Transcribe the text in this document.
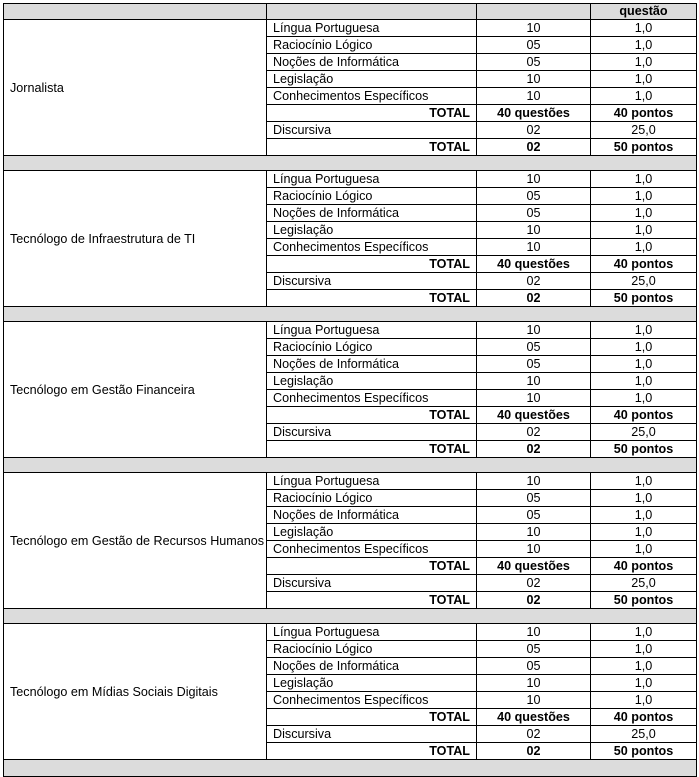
			questão
Jornalista	Língua Portuguesa	10	1,0
	Raciocínio Lógico	05	1,0
	Noções de Informática	05	1,0
	Legislação	10	1,0
	Conhecimentos Específicos	10	1,0
	TOTAL	40 questões	40 pontos
	Discursiva	02	25,0
	TOTAL	02	50 pontos

Tecnólogo de Infraestrutura de TI	Língua Portuguesa	10	1,0
	Raciocínio Lógico	05	1,0
	Noções de Informática	05	1,0
	Legislação	10	1,0
	Conhecimentos Específicos	10	1,0
	TOTAL	40 questões	40 pontos
	Discursiva	02	25,0
	TOTAL	02	50 pontos

Tecnólogo em Gestão Financeira	Língua Portuguesa	10	1,0
	Raciocínio Lógico	05	1,0
	Noções de Informática	05	1,0
	Legislação	10	1,0
	Conhecimentos Específicos	10	1,0
	TOTAL	40 questões	40 pontos
	Discursiva	02	25,0
	TOTAL	02	50 pontos

Tecnólogo em Gestão de Recursos Humanos	Língua Portuguesa	10	1,0
	Raciocínio Lógico	05	1,0
	Noções de Informática	05	1,0
	Legislação	10	1,0
	Conhecimentos Específicos	10	1,0
	TOTAL	40 questões	40 pontos
	Discursiva	02	25,0
	TOTAL	02	50 pontos

Tecnólogo em Mídias Sociais Digitais	Língua Portuguesa	10	1,0
	Raciocínio Lógico	05	1,0
	Noções de Informática	05	1,0
	Legislação	10	1,0
	Conhecimentos Específicos	10	1,0
	TOTAL	40 questões	40 pontos
	Discursiva	02	25,0
	TOTAL	02	50 pontos
